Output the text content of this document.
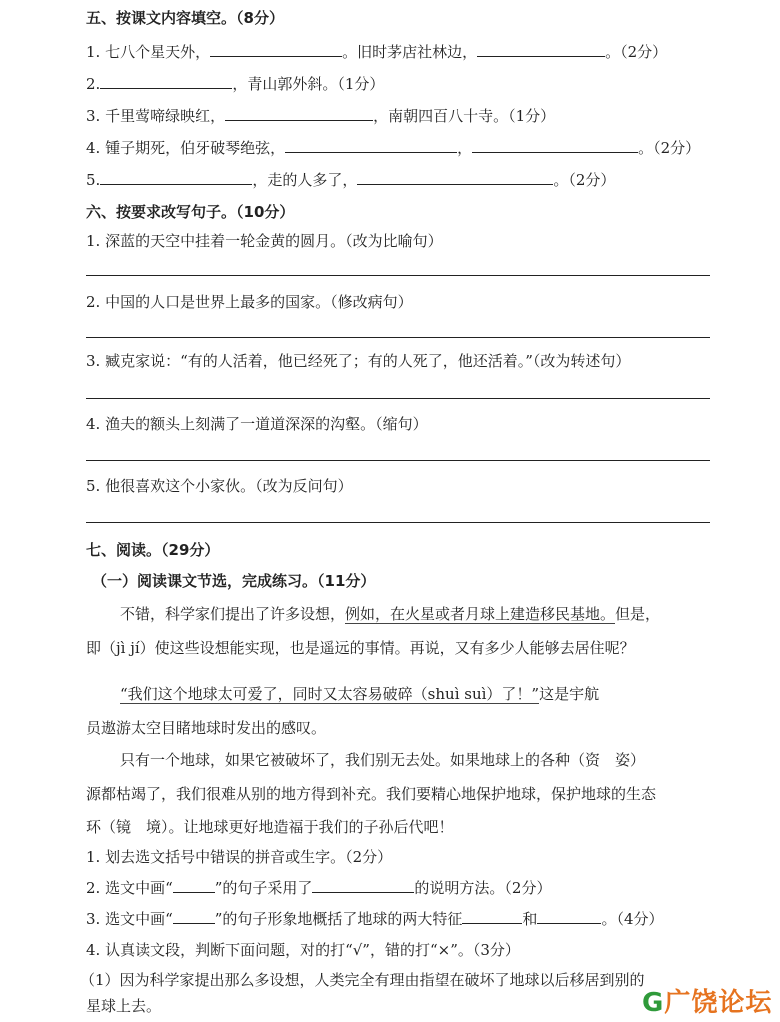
五、按课文内容填空。（8分）
1. 七八个星天外，	。旧时茅店社林边，	。（2分）
2.	，青山郭外斜。（1分）
3. 千里莺啼绿映红，	，南朝四百八十寺。（1分）
4. 锺子期死，伯牙破琴绝弦，	，	。（2分）
5.	，走的人多了，	。（2分）
六、按要求改写句子。（10分）
1. 深蓝的天空中挂着一轮金黄的圆月。（改为比喻句）
2. 中国的人口是世界上最多的国家。（修改病句）
3. 臧克家说：“有的人活着，他已经死了；有的人死了，他还活着。”（改为转述句）
4. 渔夫的额头上刻满了一道道深深的沟壑。（缩句）
5. 他很喜欢这个小家伙。（改为反问句）
七、阅读。（29分）
（一）阅读课文节选，完成练习。（11分）
不错，科学家们提出了许多设想，例如，在火星或者月球上建造移民基地。但是，
即（jì jí）使这些设想能实现，也是遥远的事情。再说，又有多少人能够去居住呢？
“我们这个地球太可爱了，同时又太容易破碎（shuì suì）了！”这是宇航
员遨游太空目睹地球时发出的感叹。
只有一个地球，如果它被破坏了，我们别无去处。如果地球上的各种（资　姿）
源都枯竭了，我们很难从别的地方得到补充。我们要精心地保护地球，保护地球的生态
环（镜　境）。让地球更好地造福于我们的子孙后代吧！
1. 划去选文括号中错误的拼音或生字。（2分）
2. 选文中画“	”的句子采用了	的说明方法。（2分）
3. 选文中画“	”的句子形象地概括了地球的两大特征	和	。（4分）
4. 认真读文段，判断下面问题，对的打“√”，错的打“×”。（3分）
（1）因为科学家提出那么多设想，人类完全有理由指望在破坏了地球以后移居到别的
星球上去。	G广饶论坛
